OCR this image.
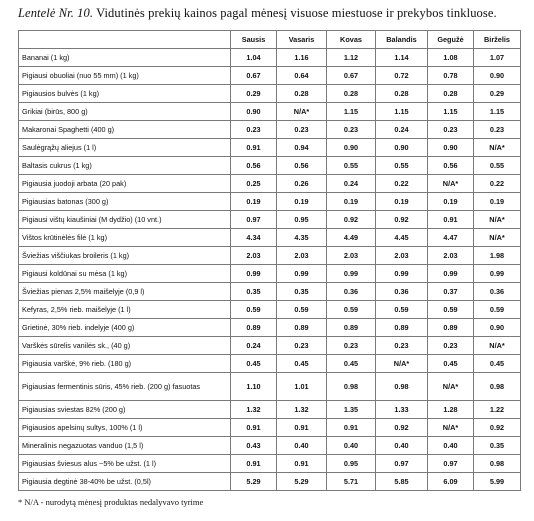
Lentelė Nr. 10. Vidutinės prekių kainos pagal mėnesį visuose miestuose ir prekybos tinkluose.
	Sausis	Vasaris	Kovas	Balandis	Gegužė	Birželis
Bananai (1 kg)	1.04	1.16	1.12	1.14	1.08	1.07
Pigiausi obuoliai (nuo 55 mm) (1 kg)	0.67	0.64	0.67	0.72	0.78	0.90
Pigiausios bulvės (1 kg)	0.29	0.28	0.28	0.28	0.28	0.29
Grikiai (birūs, 800 g)	0.90	N/A*	1.15	1.15	1.15	1.15
Makaronai Spaghetti (400 g)	0.23	0.23	0.23	0.24	0.23	0.23
Saulėgrąžų aliejus (1 l)	0.91	0.94	0.90	0.90	0.90	N/A*
Baltasis cukrus (1 kg)	0.56	0.56	0.55	0.55	0.56	0.55
Pigiausia juodoji arbata (20 pak)	0.25	0.26	0.24	0.22	N/A*	0.22
Pigiausias batonas (300 g)	0.19	0.19	0.19	0.19	0.19	0.19
Pigiausi vištų kiaušiniai (M dydžio) (10 vnt.)	0.97	0.95	0.92	0.92	0.91	N/A*
Vištos krūtinėlės filė (1 kg)	4.34	4.35	4.49	4.45	4.47	N/A*
Šviežias viščiukas broileris (1 kg)	2.03	2.03	2.03	2.03	2.03	1.98
Pigiausi koldūnai su mėsa (1 kg)	0.99	0.99	0.99	0.99	0.99	0.99
Šviežias pienas 2,5% maišelyje (0,9 l)	0.35	0.35	0.36	0.36	0.37	0.36
Kefyras, 2,5% rieb. maišelyje (1 l)	0.59	0.59	0.59	0.59	0.59	0.59
Grietinė, 30% rieb. indelyje (400 g)	0.89	0.89	0.89	0.89	0.89	0.90
Varškės sūrelis vanilės sk., (40 g)	0.24	0.23	0.23	0.23	0.23	N/A*
Pigiausia varškė, 9% rieb. (180 g)	0.45	0.45	0.45	N/A*	0.45	0.45
Pigiausias fermentinis sūris, 45% rieb. (200 g) fasuotas	1.10	1.01	0.98	0.98	N/A*	0.98
Pigiausias sviestas 82% (200 g)	1.32	1.32	1.35	1.33	1.28	1.22
Pigiausios apelsinų sultys, 100% (1 l)	0.91	0.91	0.91	0.92	N/A*	0.92
Mineralinis negazuotas vanduo (1,5 l)	0.43	0.40	0.40	0.40	0.40	0.35
Pigiausias šviesus alus ~5% be užst. (1 l)	0.91	0.91	0.95	0.97	0.97	0.98
Pigiausia degtinė 38-40% be užst. (0,5l)	5.29	5.29	5.71	5.85	6.09	5.99
* N/A - nurodytą mėnesį produktas nedalyvavo tyrime
